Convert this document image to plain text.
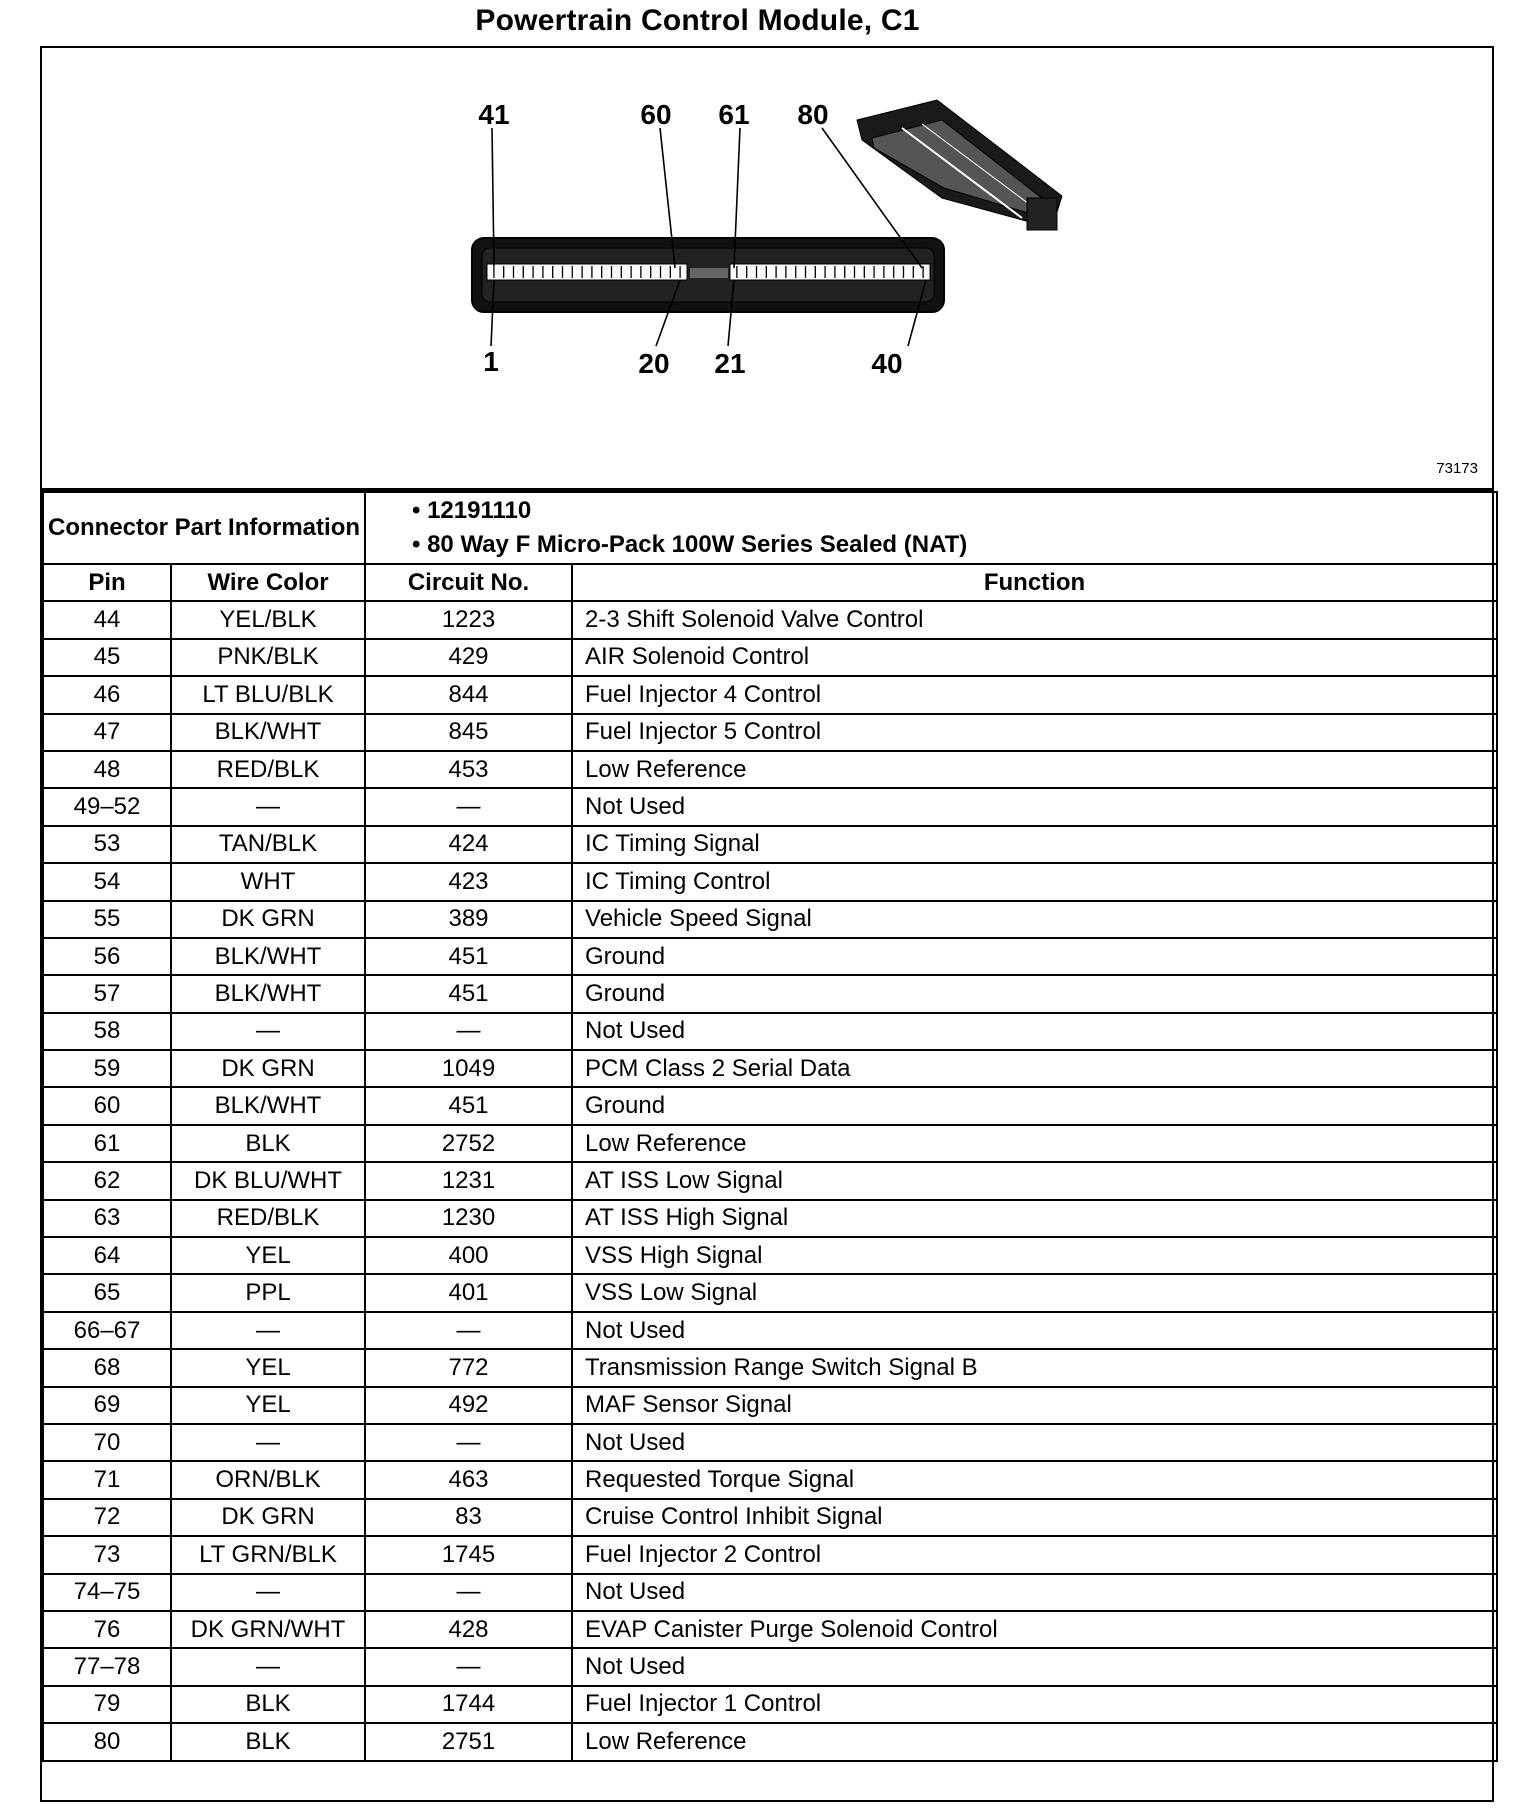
Powertrain Control Module, C1
41	60 61 80
1	20 21	40
73173
Connector Part Information		• 12191110
• 80 Way F Micro-Pack 100W Series Sealed (NAT)	

Pin	Wire Color	Circuit No.	Function
44	YEL/BLK	1223	2-3 Shift Solenoid Valve Control
45	PNK/BLK	429	AIR Solenoid Control
46	LT BLU/BLK	844	Fuel Injector 4 Control
47	BLK/WHT	845	Fuel Injector 5 Control
48	RED/BLK	453	Low Reference
49–52	—	—	Not Used
53	TAN/BLK	424	IC Timing Signal
54	WHT	423	IC Timing Control
55	DK GRN	389	Vehicle Speed Signal
56	BLK/WHT	451	Ground
57	BLK/WHT	451	Ground
58	—	—	Not Used
59	DK GRN	1049	PCM Class 2 Serial Data
60	BLK/WHT	451	Ground
61	BLK	2752	Low Reference
62	DK BLU/WHT	1231	AT ISS Low Signal
63	RED/BLK	1230	AT ISS High Signal
64	YEL	400	VSS High Signal
65	PPL	401	VSS Low Signal
66–67	—	—	Not Used
68	YEL	772	Transmission Range Switch Signal B
69	YEL	492	MAF Sensor Signal
70	—	—	Not Used
71	ORN/BLK	463	Requested Torque Signal
72	DK GRN	83	Cruise Control Inhibit Signal
73	LT GRN/BLK	1745	Fuel Injector 2 Control
74–75	—	—	Not Used
76	DK GRN/WHT	428	EVAP Canister Purge Solenoid Control
77–78	—	—	Not Used
79	BLK	1744	Fuel Injector 1 Control
80	BLK	2751	Low Reference
